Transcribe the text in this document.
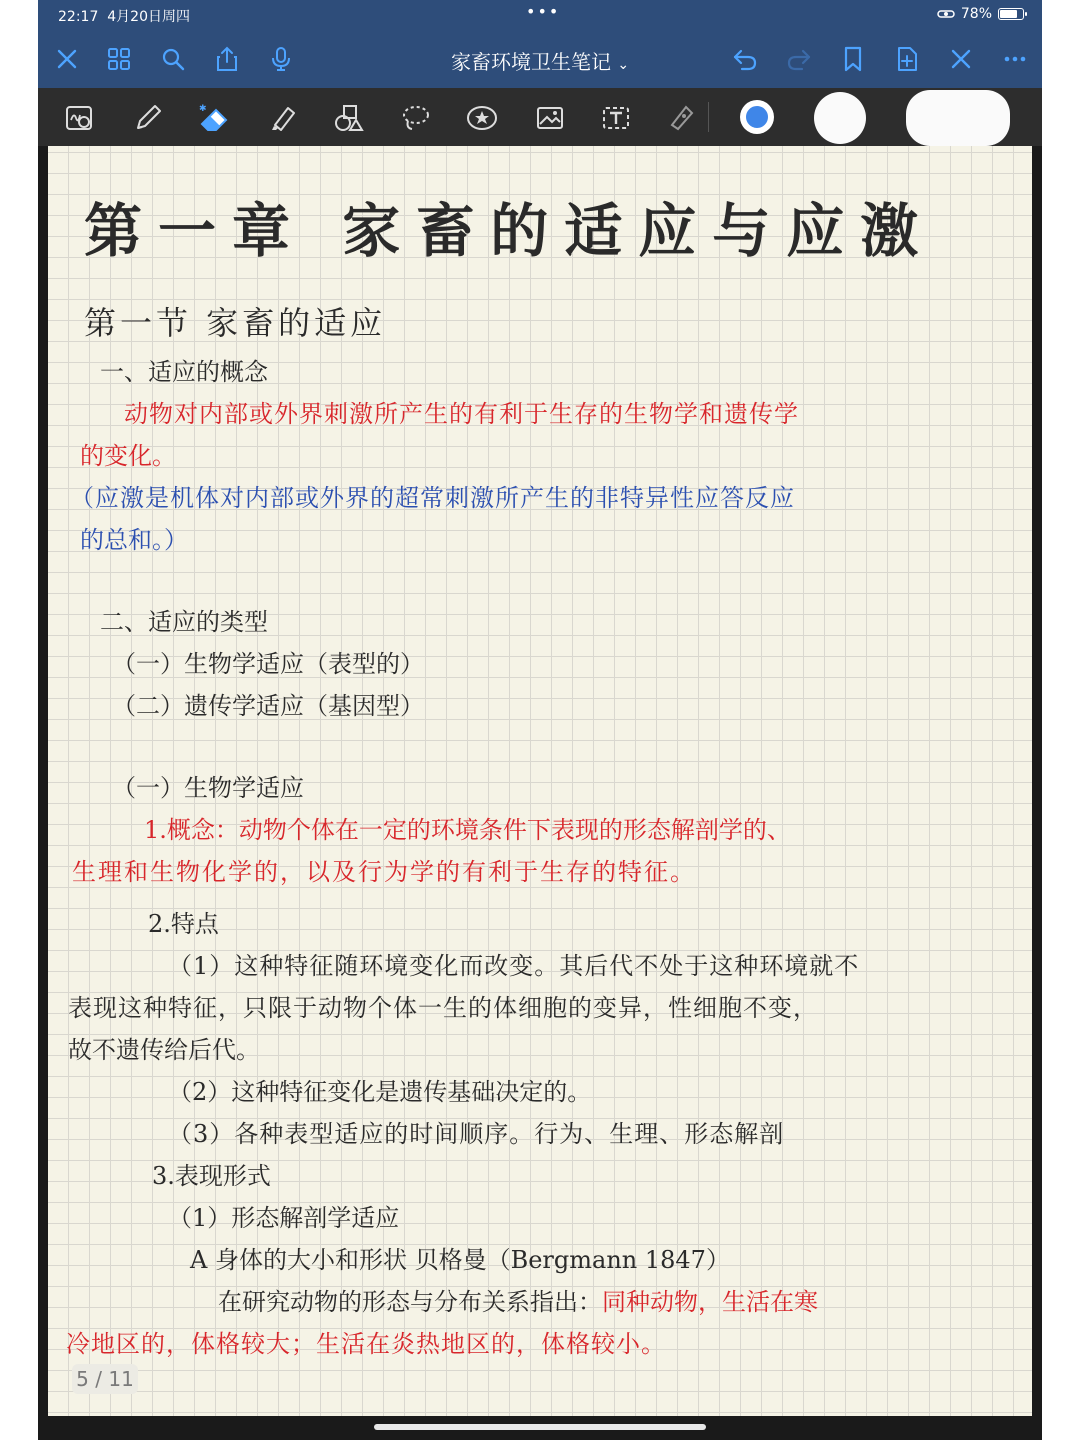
22:17 4月20日周四	•••	78%
家畜环境卫生笔记 ⌄
✱
第一章 家畜的适应与应激
第一节 家畜的适应
一、适应的概念
动物对内部或外界刺激所产生的有利于生存的生物学和遗传学
的变化。
（应激是机体对内部或外界的超常刺激所产生的非特异性应答反应
的总和。）
二、适应的类型
（一）生物学适应（表型的）
（二）遗传学适应（基因型）
（一）生物学适应
1.概念：动物个体在一定的环境条件下表现的形态解剖学的、
生理和生物化学的，以及行为学的有利于生存的特征。
2.特点
（1）这种特征随环境变化而改变。其后代不处于这种环境就不
表现这种特征，只限于动物个体一生的体细胞的变异，性细胞不变，
故不遗传给后代。
（2）这种特征变化是遗传基础决定的。
（3）各种表型适应的时间顺序。行为、生理、形态解剖
3.表现形式
（1）形态解剖学适应
A 身体的大小和形状 贝格曼（Bergmann 1847）
在研究动物的形态与分布关系指出：同种动物，生活在寒
冷地区的，体格较大；生活在炎热地区的，体格较小。
5 / 11
